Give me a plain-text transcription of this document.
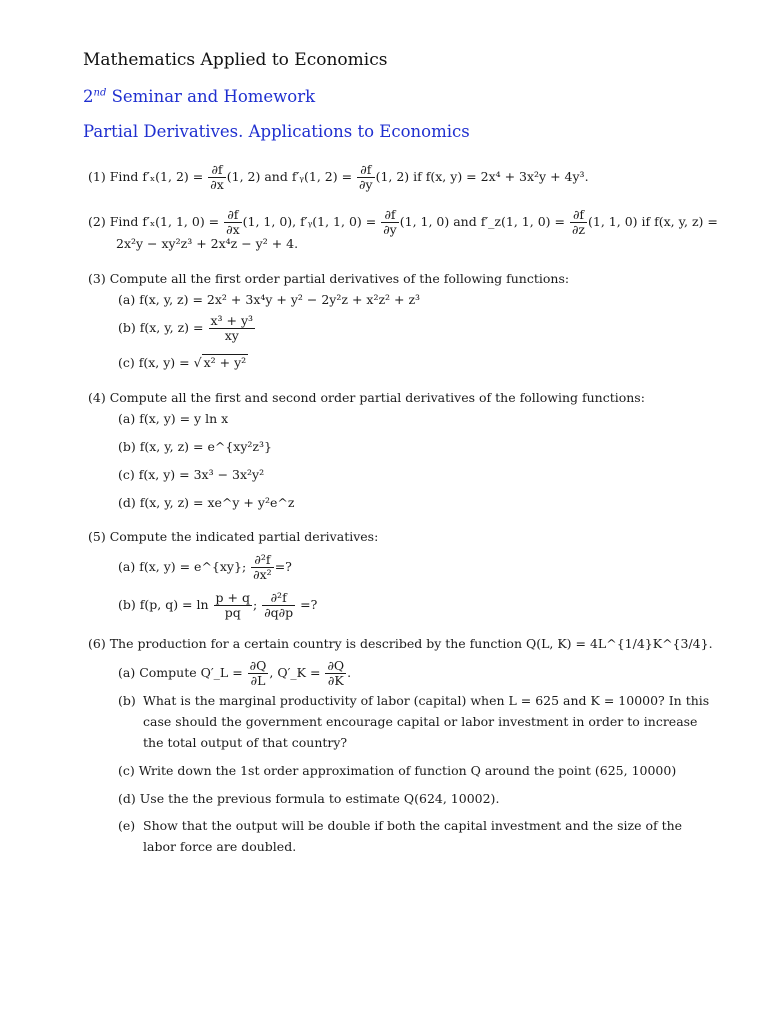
Mathematics Applied to Economics
2nd Seminar and Homework
Partial Derivatives. Applications to Economics
(1) Find f′ₓ(1, $2) = \frac{\partial f}{\partial x} (1$, 2) and f′ᵧ(1, $2) = \frac{\partial f}{\partial y} (1$, 2) if f(x, y) = 2x⁴ + 3x²y + 4y³.
(2) Find f′ₓ(1, 1, $0) = \frac{\partial f}{\partial x} (1$, 1, 0), f′ᵧ(1, 1, $0) = \frac{\partial f}{\partial y} (1$, 1, 0) and f′_z(1, 1, $0) = \frac{\partial f}{\partial z} (1$, 1, 0) if f(x, y, z) =
2x²y − xy²z³ + 2x⁴z − y² + 4.
(3) Compute all the first order partial derivatives of the following functions:
(a) f(x, y, z) = 2x² + 3x⁴y + y² − 2y²z + x²z² + z³
(b) f(x, y, $z) = \frac{\text{x³ + y³}}{xy}$
(c) f(x, y) = √ x² + y²
(4) Compute all the first and second order partial derivatives of the following functions:
(a) f(x, y) = y ln x
(b) f(x, y, z) = e^{xy²z³}
(c) f(x, y) = 3x³ − 3x²y²
(d) f(x, y, z) = xe^y + y²e^z
(5) Compute the indicated partial derivatives:
(a) f(x, y) = e^{xy}; $\frac{\text{∂²f}}{\text{∂x²}}$ =?
(b) f(p, $q) = \ln \frac{p + q}{pq}$ ; $\frac{\text{∂²f}}{\partial q\partial p}$ =?
(6) The production for a certain country is described by the function Q(L, K) = 4L^{1/4}K^{3/4}.
(a) Compute Q′_L = $\frac{\partial Q}{\partial L}$ , Q′_K = $\frac{\partial Q}{\partial K}$ .
(b) What is the marginal productivity of labor (capital) when L = 625 and K = 10000? In this case should the government encourage capital or labor investment in order to increase the total output of that country?
(c) Write down the 1st order approximation of function Q around the point (625, 10000)
(d) Use the the previous formula to estimate Q(624, 10002).
(e) Show that the output will be double if both the capital investment and the size of the labor force are doubled.
